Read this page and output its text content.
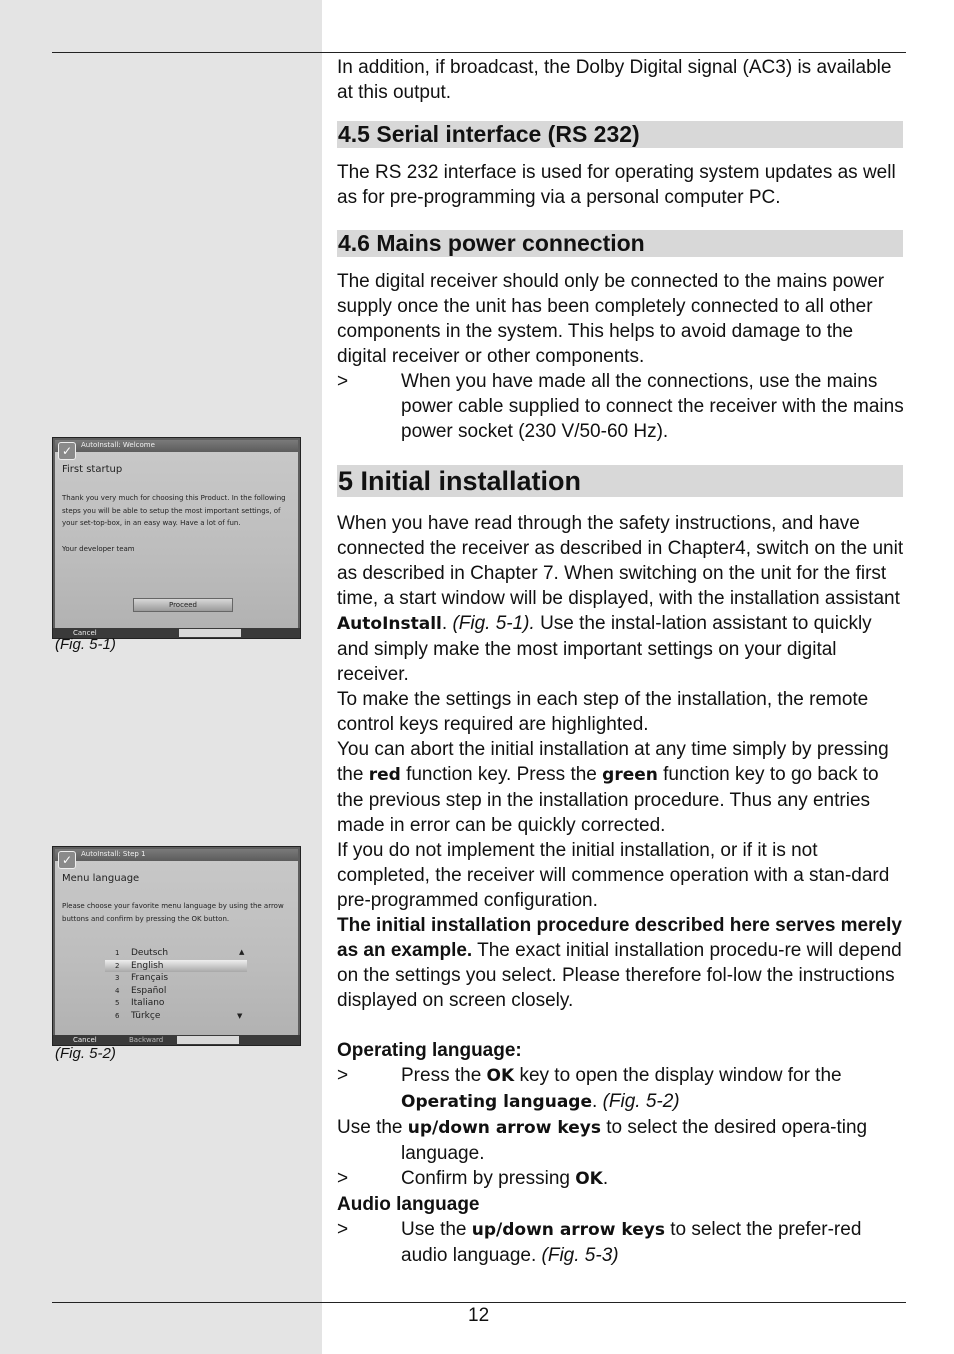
In addition, if broadcast, the Dolby Digital signal (AC3) is available at this output.

4.5 Serial interface (RS 232)

The RS 232 interface is used for operating system updates as well as for pre-programming via a personal computer PC.

4.6 Mains power connection

The digital receiver should only be connected to the mains power supply once the unit has been completely connected to all other components in the system. This helps to avoid damage to the digital receiver or other components.

>	When you have made all the connections, use the mains power cable supplied to connect the receiver with the mains power socket (230 V/50-60 Hz).
5 Initial installation

When you have read through the safety instructions, and have connected the receiver as described in Chapter4, switch on the unit as described in Chapter 7. When switching on the unit for the first time, a start window will be displayed, with the installation assistant AutoInstall. (Fig. 5-1). Use the instal-lation assistant to quickly and simply make the most important settings on your digital receiver.

To make the settings in each step of the installation, the remote control keys required are highlighted.

You can abort the initial installation at any time simply by pressing the red function key. Press the green function key to go back to the previous step in the installation procedure. Thus any entries made in error can be quickly corrected.

If you do not implement the initial installation, or if it is not completed, the receiver will commence operation with a stan-dard pre-programmed configuration.

The initial installation procedure described here serves merely as an example. The exact initial installation procedu-re will depend on the settings you select. Please therefore fol-low the instructions displayed on screen closely.

Operating language:

>	Press the OK key to open the display window for the Operating language. (Fig. 5-2)

Use the up/down arrow keys to select the desired opera-ting language.

>	Confirm by pressing OK.

Audio language

>	Use the up/down arrow keys to select the prefer-red audio language. (Fig. 5-3)
AutoInstall: Welcome
✓
First startup
Thank you very much for choosing this Product. In the following steps you will be able to setup the most important settings, of your set-top-box, in an easy way. Have a lot of fun.
Your developer team
Proceed
Cancel
(Fig. 5-1)
AutoInstall: Step 1
✓
Menu language
Please choose your favorite menu language by using the arrow buttons and confirm by pressing the OK button.
1 Deutsch
2 English
3 Français
4 Español
5 Italiano
6 Türkçe
▲
▼
Cancel	Backward
(Fig. 5-2)
12
